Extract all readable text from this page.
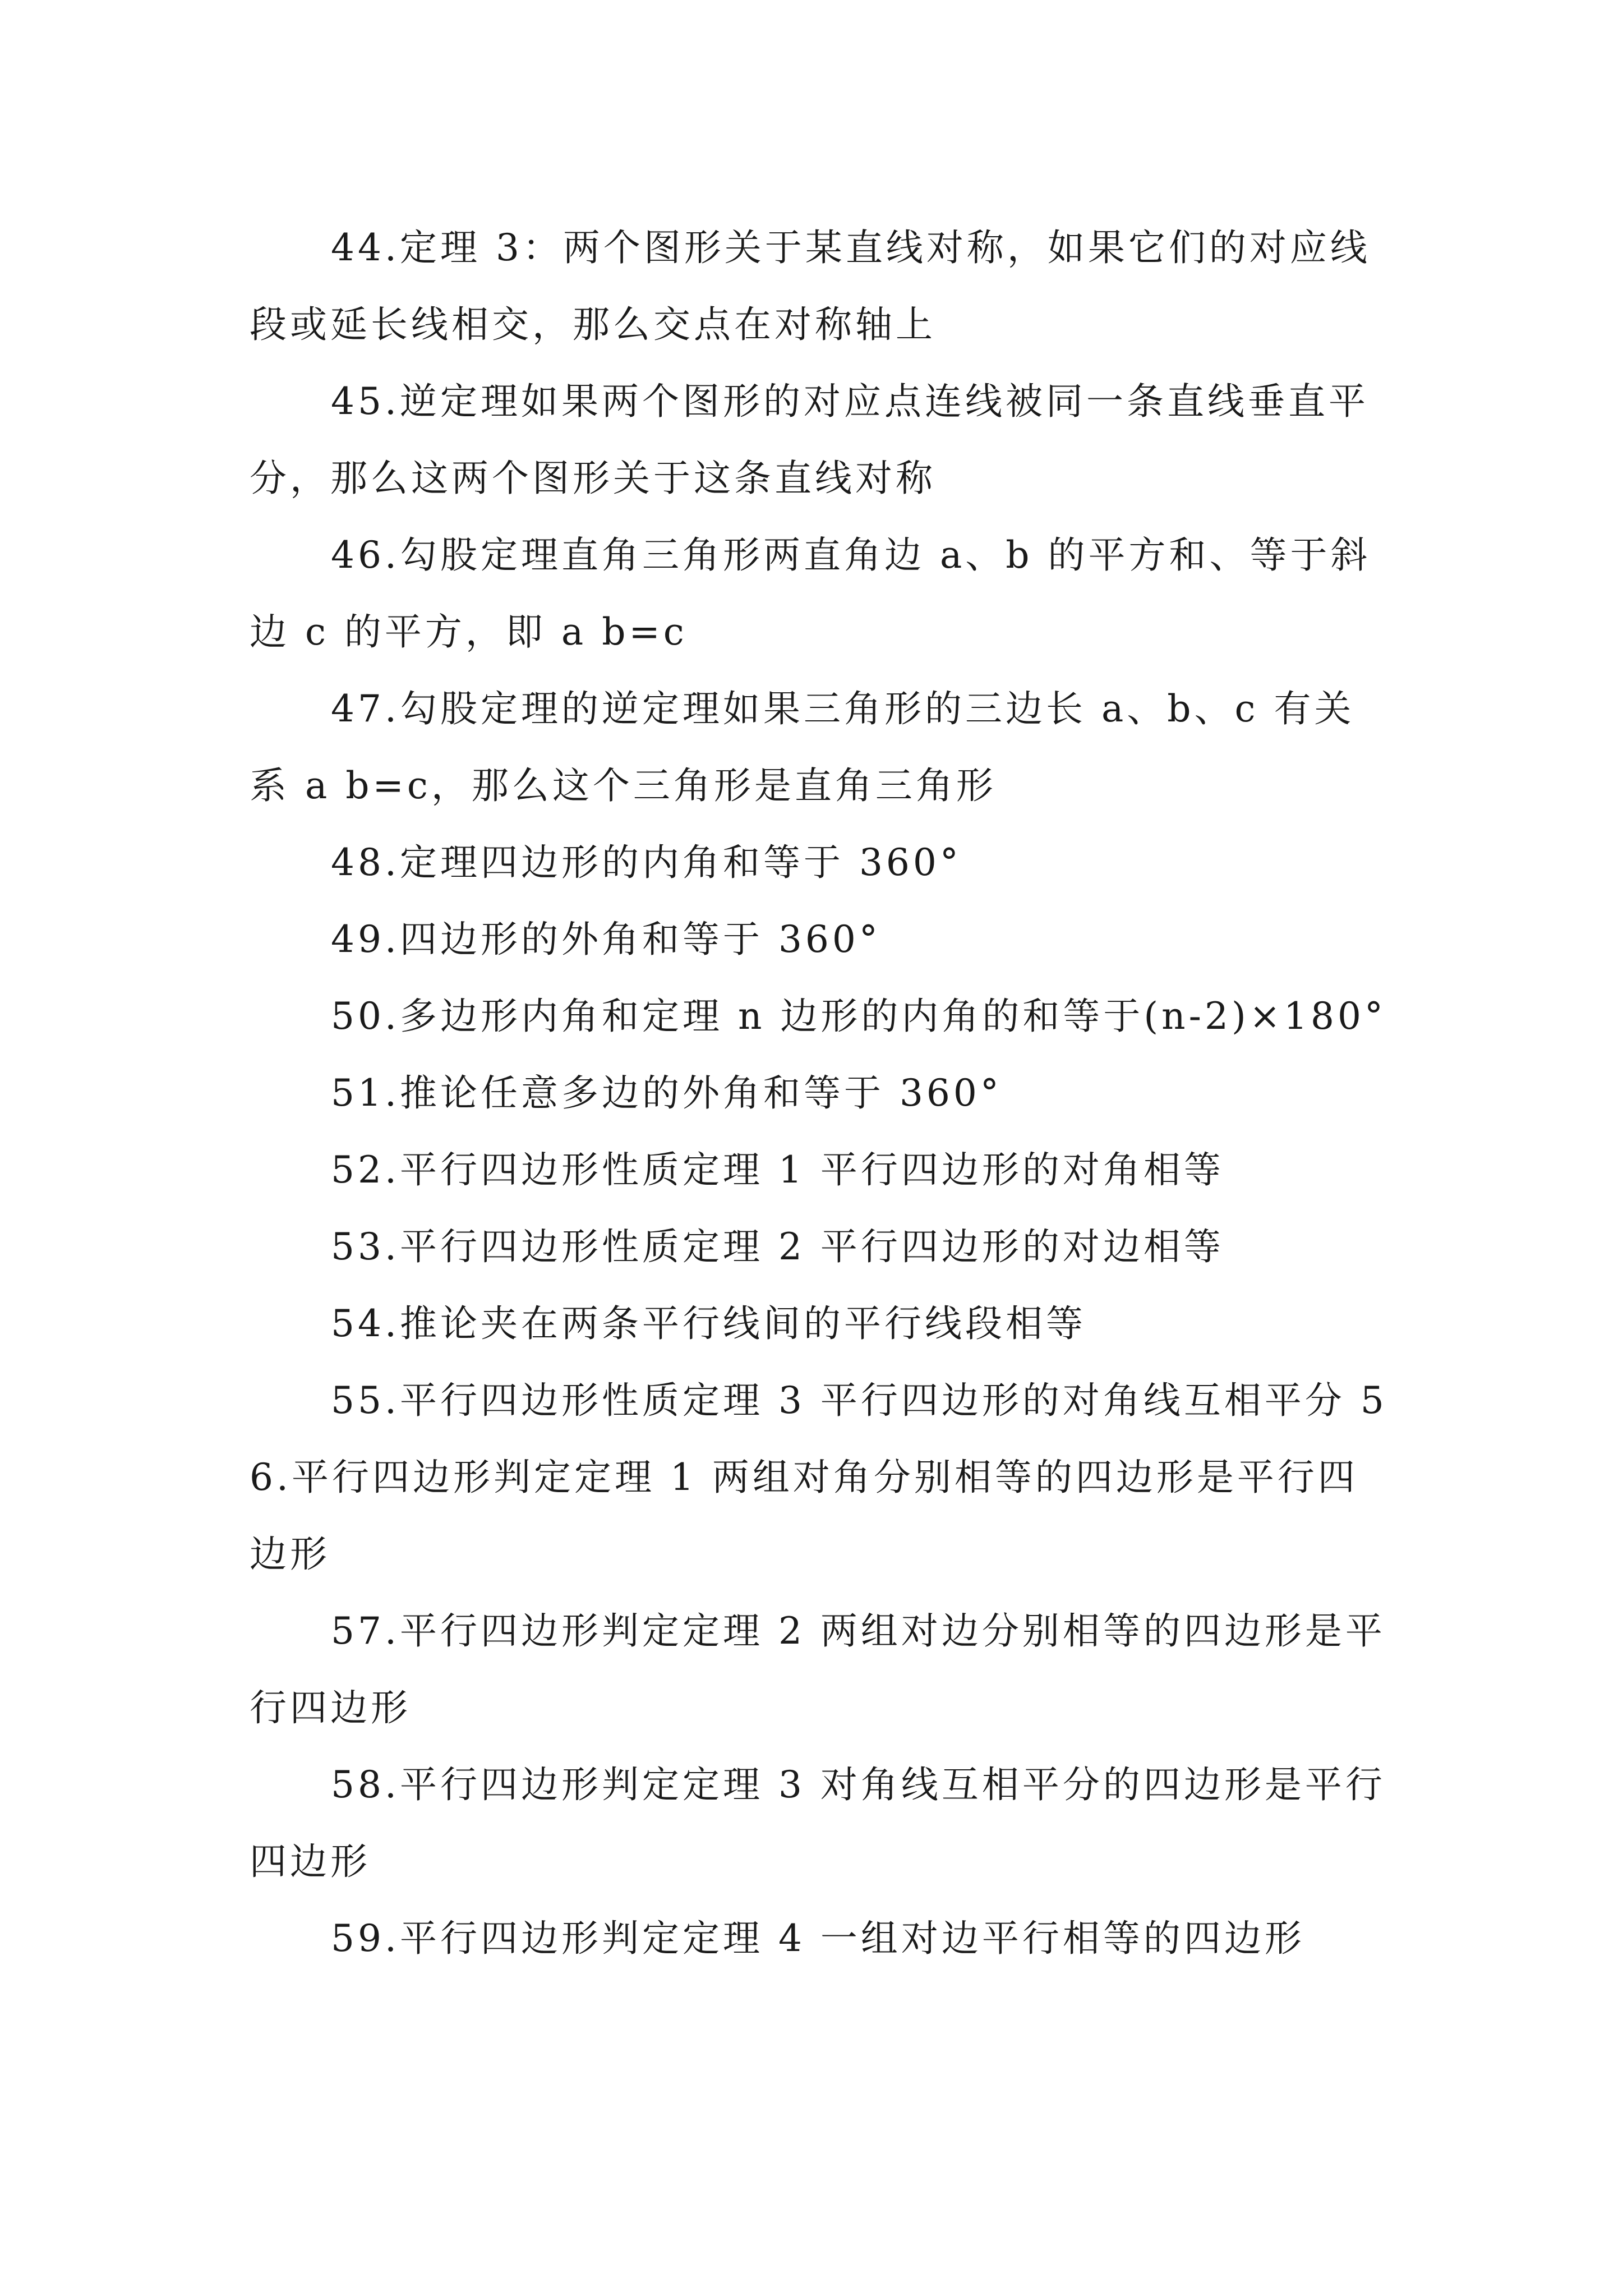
44.定理 3：两个图形关于某直线对称，如果它们的对应线段或延长线相交，那么交点在对称轴上

45.逆定理如果两个图形的对应点连线被同一条直线垂直平分，那么这两个图形关于这条直线对称

46.勾股定理直角三角形两直角边 a、b 的平方和、等于斜边 c 的平方，即 a b=c

47.勾股定理的逆定理如果三角形的三边长 a、b、c 有关系 a b=c，那么这个三角形是直角三角形

48.定理四边形的内角和等于 360°

49.四边形的外角和等于 360°

50.多边形内角和定理 n 边形的内角的和等于(n-2)×180°

51.推论任意多边的外角和等于 360°

52.平行四边形性质定理 1 平行四边形的对角相等

53.平行四边形性质定理 2 平行四边形的对边相等

54.推论夹在两条平行线间的平行线段相等

55.平行四边形性质定理 3 平行四边形的对角线互相平分 56.平行四边形判定定理 1 两组对角分别相等的四边形是平行四边形

57.平行四边形判定定理 2 两组对边分别相等的四边形是平行四边形

58.平行四边形判定定理 3 对角线互相平分的四边形是平行四边形

59.平行四边形判定定理 4 一组对边平行相等的四边形
